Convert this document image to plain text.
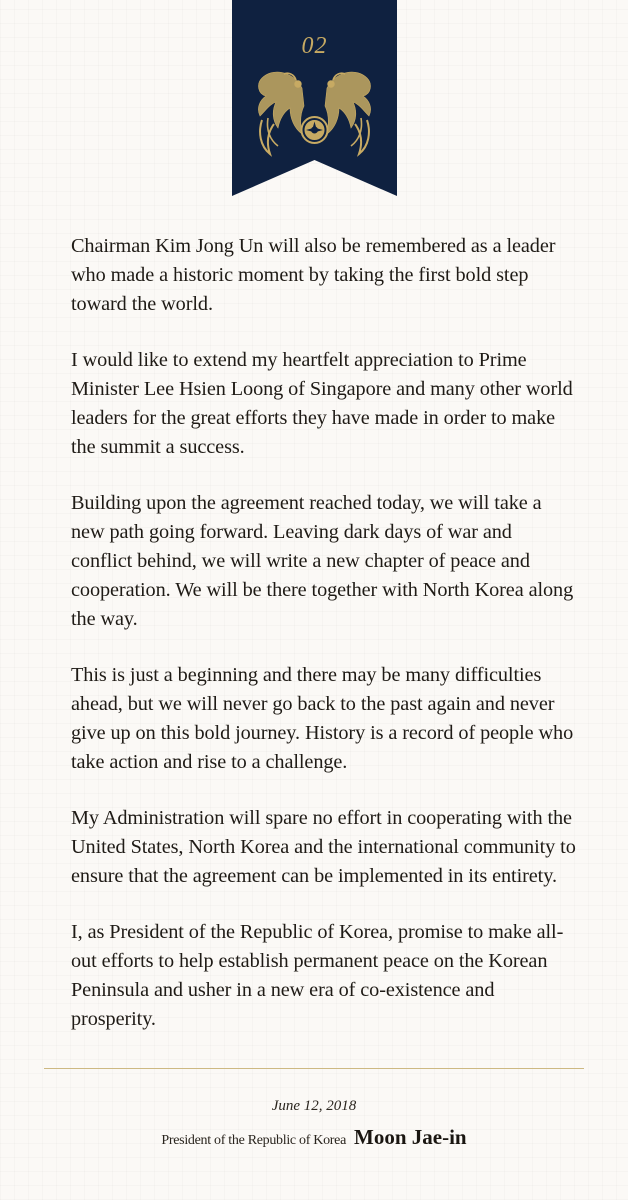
02

Chairman Kim Jong Un will also be remembered as a leader who made a historic moment by taking the first bold step toward the world.

I would like to extend my heartfelt appreciation to Prime Minister Lee Hsien Loong of Singapore and many other world leaders for the great efforts they have made in order to make the summit a success.

Building upon the agreement reached today, we will take a new path going forward. Leaving dark days of war and conflict behind, we will write a new chapter of peace and cooperation. We will be there together with North Korea along the way.

This is just a beginning and there may be many difficulties ahead, but we will never go back to the past again and never give up on this bold journey. History is a record of people who take action and rise to a challenge.

My Administration will spare no effort in cooperating with the United States, North Korea and the international community to ensure that the agreement can be implemented in its entirety.

I, as President of the Republic of Korea, promise to make all-out efforts to help establish permanent peace on the Korean Peninsula and usher in a new era of co-existence and prosperity.

June 12, 2018
President of the Republic of Korea Moon Jae-in
